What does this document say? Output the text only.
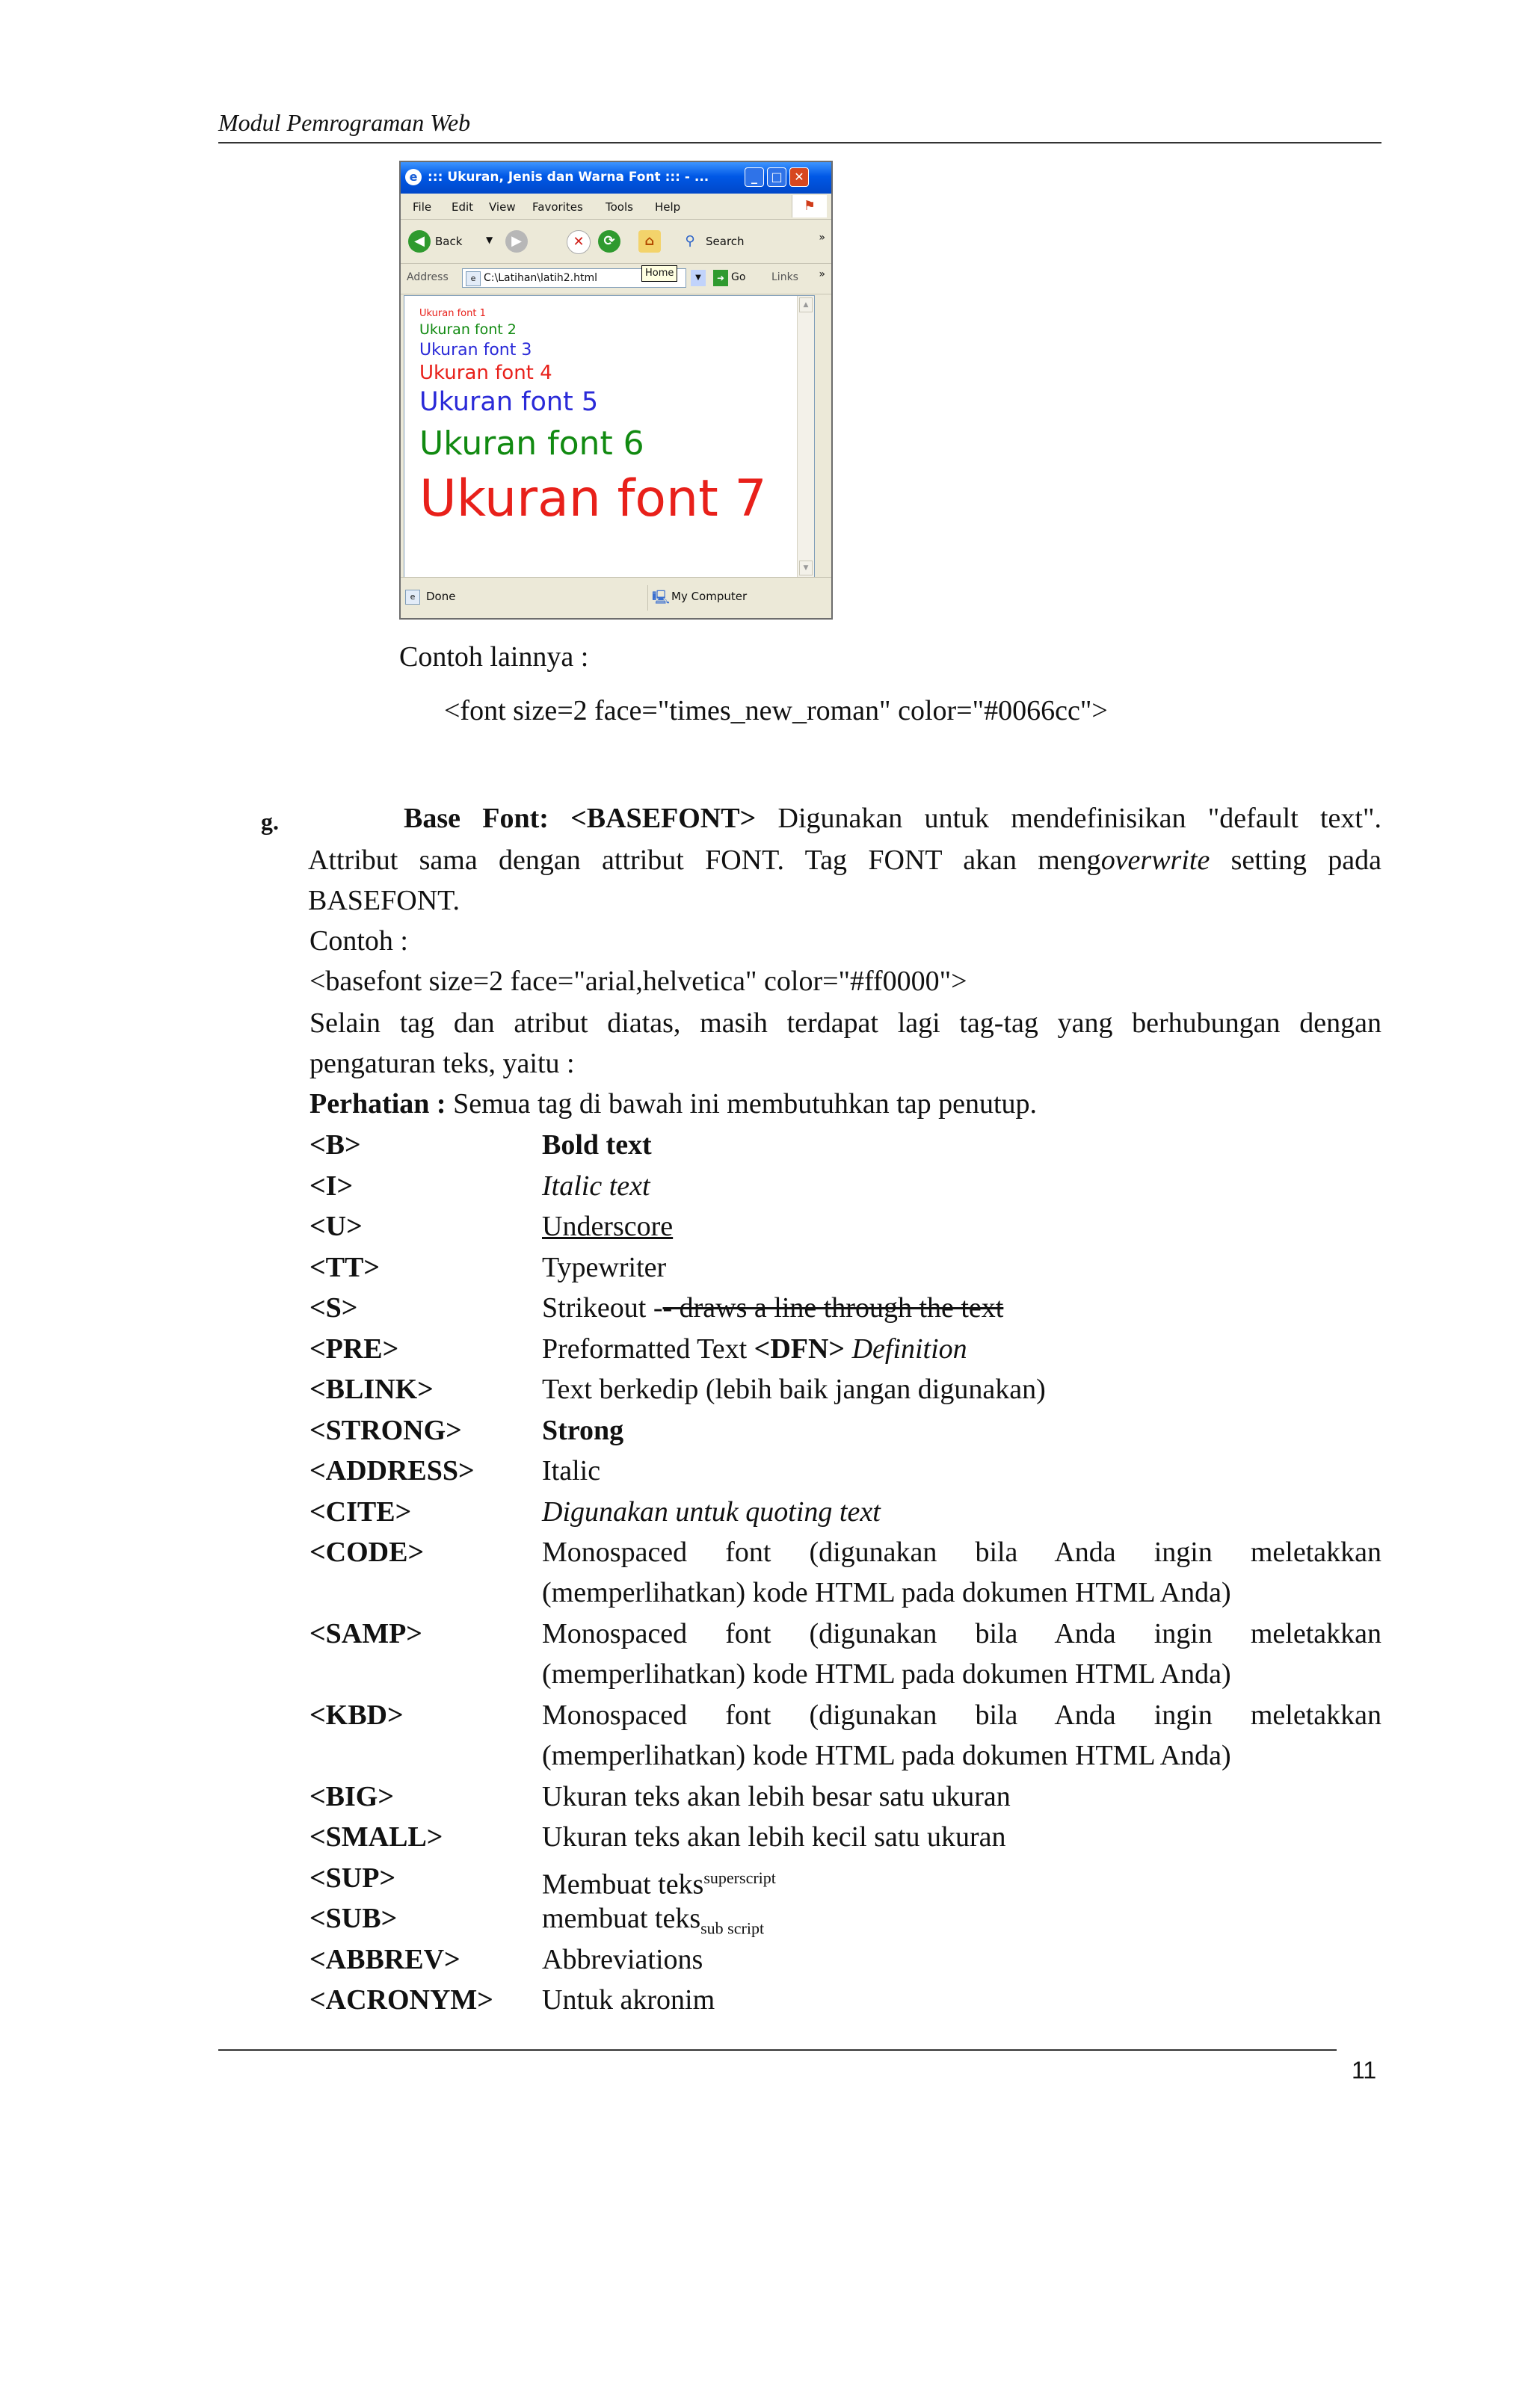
Modul Pemrograman Web
e ::: Ukuran, Jenis dan Warna Font ::: - ...	_	□ ✕
File Edit View Favorites Tools Help	⚑
◀ Back	▼	▶	✕	⟳	⌂	⚲ Search	»
Address	e C:\Latihan\latih2.html	Home	▼	➜ Go Links »
Ukuran font 1
Ukuran font 2
Ukuran font 3
Ukuran font 4
Ukuran font 5
Ukuran font 6
Ukuran font 7
▲
▼
e Done	🖳 My Computer
Contoh lainnya :
<font size=2 face="times_new_roman" color="#0066cc">
g.	Base Font: <BASEFONT> Digunakan untuk mendefinisikan "default text".
Attribut sama dengan attribut FONT. Tag FONT akan mengoverwrite setting pada
BASEFONT.
Contoh :
<basefont size=2 face="arial,helvetica" color="#ff0000">
Selain tag dan atribut diatas, masih terdapat lagi tag-tag yang berhubungan dengan
pengaturan teks, yaitu :
Perhatian : Semua tag di bawah ini membutuhkan tap penutup.
<B>	Bold text
<I>	Italic text
<U>	Underscore
<TT>	Typewriter
<S>	Strikeout -- draws a line through the text
<PRE>	Preformatted Text <DFN> Definition
<BLINK>	Text berkedip (lebih baik jangan digunakan)
<STRONG>	Strong
<ADDRESS> Italic
<CITE>	Digunakan untuk quoting text
<CODE>	Monospaced font (digunakan bila Anda ingin meletakkan
(memperlihatkan) kode HTML pada dokumen HTML Anda)
<SAMP>	Monospaced font (digunakan bila Anda ingin meletakkan
(memperlihatkan) kode HTML pada dokumen HTML Anda)
<KBD>	Monospaced font (digunakan bila Anda ingin meletakkan
(memperlihatkan) kode HTML pada dokumen HTML Anda)
<BIG>	Ukuran teks akan lebih besar satu ukuran
<SMALL>	Ukuran teks akan lebih kecil satu ukuran
<SUP>	Membuat teks$^{superscript}$
<SUB>	membuat teks$_{sub script}$
<ABBREV>	Abbreviations
<ACRONYM> Untuk akronim
11
